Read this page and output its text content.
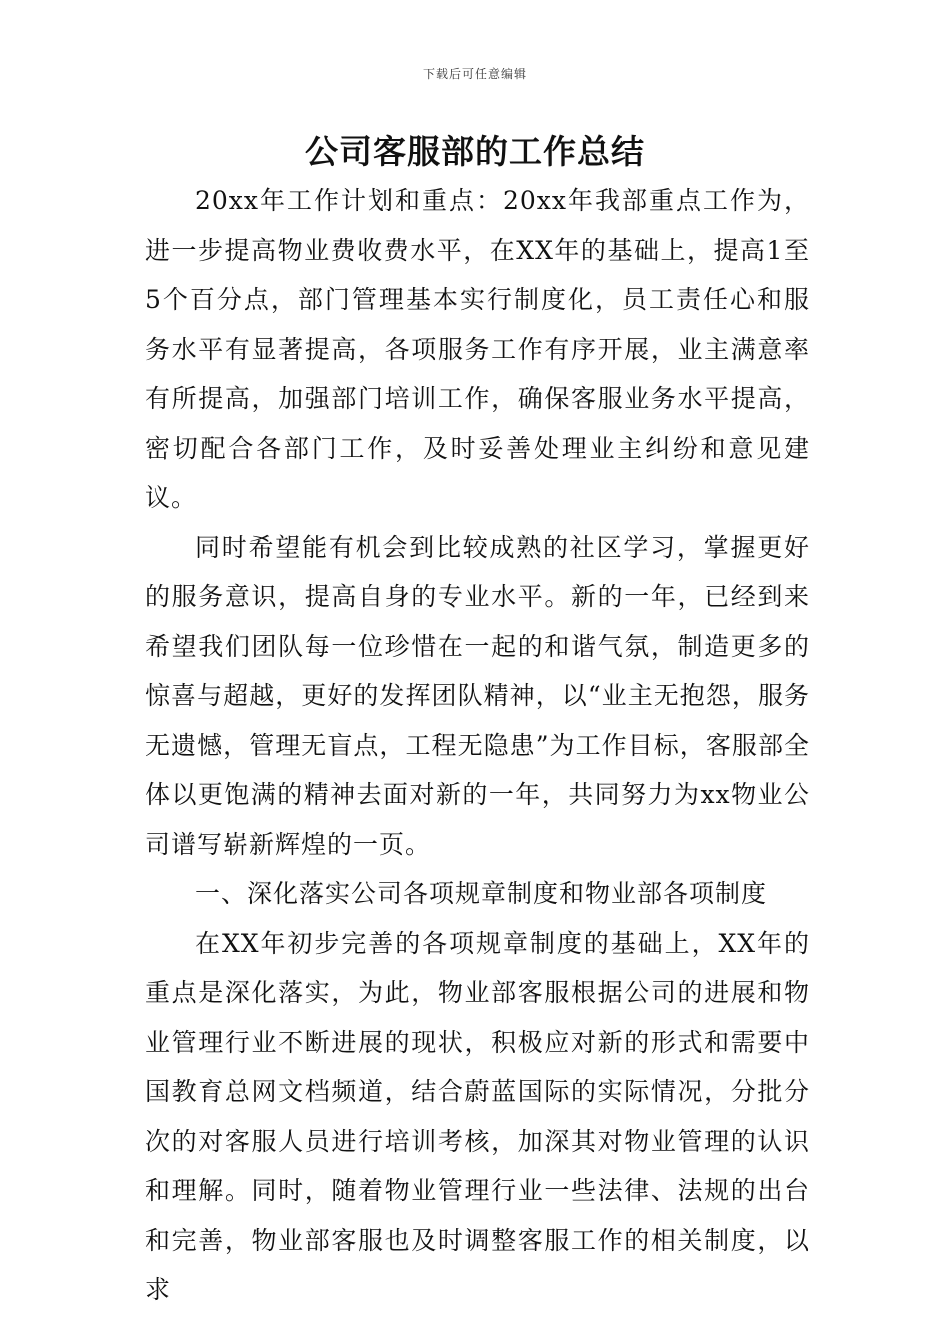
下载后可任意编辑
公司客服部的工作总结

20xx年工作计划和重点：20xx年我部重点工作为，进一步提高物业费收费水平，在XX年的基础上，提高1至5个百分点，部门管理基本实行制度化，员工责任心和服务水平有显著提高，各项服务工作有序开展，业主满意率有所提高，加强部门培训工作，确保客服业务水平提高，密切配合各部门工作，及时妥善处理业主纠纷和意见建议。

同时希望能有机会到比较成熟的社区学习，掌握更好的服务意识，提高自身的专业水平。新的一年，已经到来希望我们团队每一位珍惜在一起的和谐气氛，制造更多的惊喜与超越，更好的发挥团队精神，以“业主无抱怨，服务无遗憾，管理无盲点，工程无隐患”为工作目标，客服部全体以更饱满的精神去面对新的一年，共同努力为xx物业公司谱写崭新辉煌的一页。

一、深化落实公司各项规章制度和物业部各项制度

在XX年初步完善的各项规章制度的基础上，XX年的重点是深化落实，为此，物业部客服根据公司的进展和物业管理行业不断进展的现状，积极应对新的形式和需要中国教育总网文档频道，结合蔚蓝国际的实际情况，分批分次的对客服人员进行培训考核，加深其对物业管理的认识和理解。同时，随着物业管理行业一些法律、法规的出台和完善，物业部客服也及时调整客服工作的相关制度，以求
